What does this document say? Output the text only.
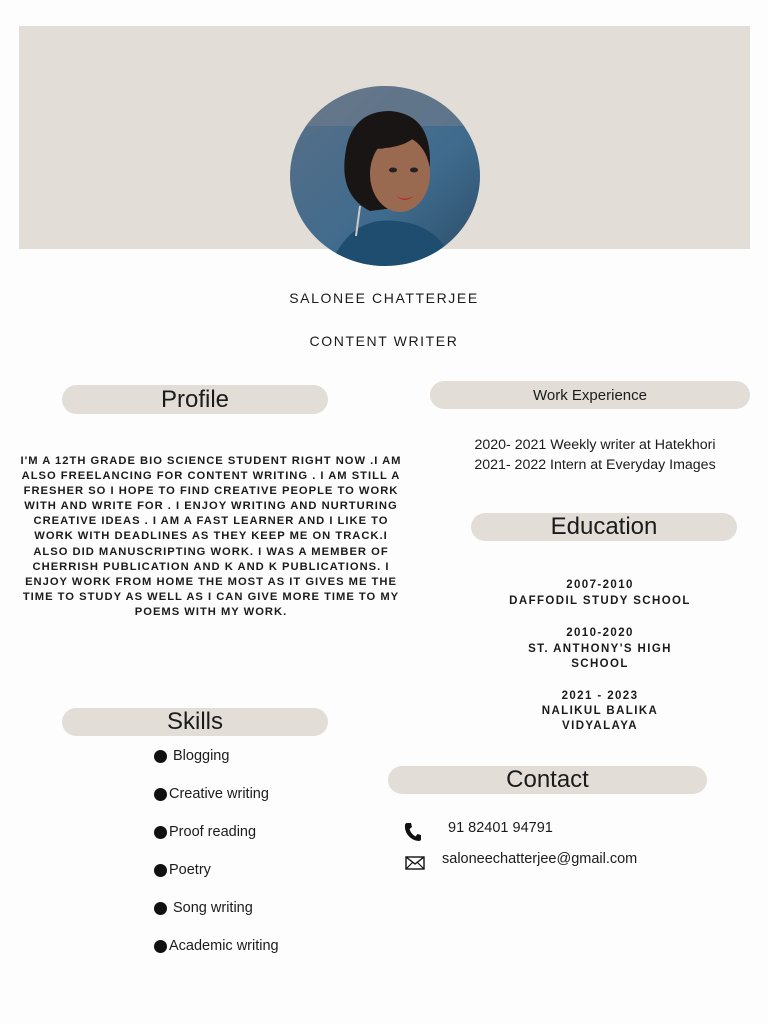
SALONEE CHATTERJEE
CONTENT WRITER
Profile
I'M A 12TH GRADE BIO SCIENCE STUDENT RIGHT NOW .I AM ALSO FREELANCING FOR CONTENT WRITING . I AM STILL A FRESHER SO I HOPE TO FIND CREATIVE PEOPLE TO WORK WITH AND WRITE FOR . I ENJOY WRITING AND NURTURING CREATIVE IDEAS . I AM A FAST LEARNER AND I LIKE TO WORK WITH DEADLINES AS THEY KEEP ME ON TRACK.I ALSO DID MANUSCRIPTING WORK. I WAS A MEMBER OF CHERRISH PUBLICATION AND K AND K PUBLICATIONS. I ENJOY WORK FROM HOME THE MOST AS IT GIVES ME THE TIME TO STUDY AS WELL AS I CAN GIVE MORE TIME TO MY POEMS WITH MY WORK.
Work Experience
2020- 2021 Weekly writer at Hatekhori
2021- 2022 Intern at Everyday Images
Education
2007-2010
DAFFODIL STUDY SCHOOL
2010-2020
ST. ANTHONY'S HIGH
SCHOOL
2021 - 2023
NALIKUL BALIKA
VIDYALAYA
Skills
Blogging
Creative writing
Proof reading
Poetry
Song writing
Academic writing
Contact
91 82401 94791
saloneechatterjee@gmail.com
